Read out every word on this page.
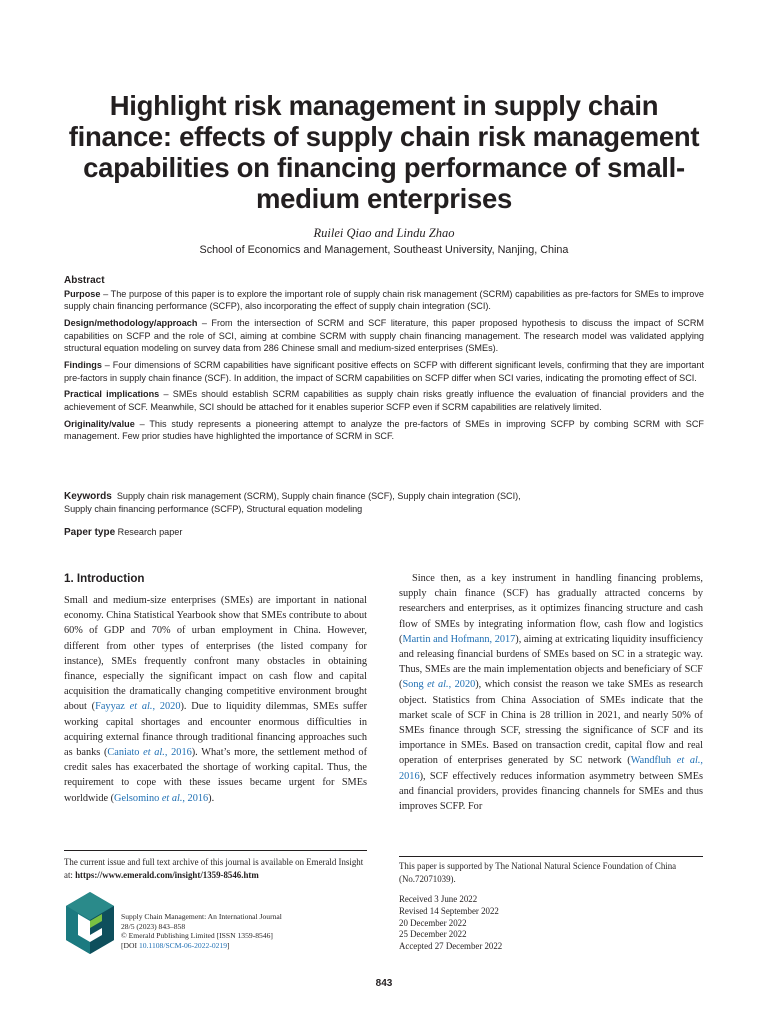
Highlight risk management in supply chain finance: effects of supply chain risk management capabilities on financing performance of small-medium enterprises
Ruilei Qiao and Lindu Zhao
School of Economics and Management, Southeast University, Nanjing, China
Abstract

Purpose – The purpose of this paper is to explore the important role of supply chain risk management (SCRM) capabilities as pre-factors for SMEs to improve supply chain financing performance (SCFP), also incorporating the effect of supply chain integration (SCI).

Design/methodology/approach – From the intersection of SCRM and SCF literature, this paper proposed hypothesis to discuss the impact of SCRM capabilities on SCFP and the role of SCI, aiming at combine SCRM with supply chain financing management. The research model was validated applying structural equation modeling on survey data from 286 Chinese small and medium-sized enterprises (SMEs).

Findings – Four dimensions of SCRM capabilities have significant positive effects on SCFP with different significant levels, confirming that they are important pre-factors in supply chain finance (SCF). In addition, the impact of SCRM capabilities on SCFP differ when SCI varies, indicating the promoting effect of SCI.

Practical implications – SMEs should establish SCRM capabilities as supply chain risks greatly influence the evaluation of financial providers and the achievement of SCF. Meanwhile, SCI should be attached for it enables superior SCFP even if SCRM capabilities are relatively limited.

Originality/value – This study represents a pioneering attempt to analyze the pre-factors of SMEs in improving SCFP by combing SCRM with SCF management. Few prior studies have highlighted the importance of SCRM in SCF.

Keywords Supply chain risk management (SCRM), Supply chain finance (SCF), Supply chain integration (SCI),
Supply chain financing performance (SCFP), Structural equation modeling
Paper type Research paper
1. Introduction

Small and medium-size enterprises (SMEs) are important in national economy. China Statistical Yearbook show that SMEs contribute to about 60% of GDP and 70% of urban employment in China. However, different from other types of enterprises (the listed company for instance), SMEs frequently confront many obstacles in obtaining finance, especially the significant impact on cash flow and capital acquisition the dramatically changing competitive environment brought about (Fayyaz et al., 2020). Due to liquidity dilemmas, SMEs suffer working capital shortages and encounter enormous difficulties in acquiring external finance through traditional financing approaches such as banks (Caniato et al., 2016). What’s more, the settlement method of credit sales has exacerbated the shortage of working capital. Thus, the requirement to cope with these issues became urgent for SMEs worldwide (Gelsomino et al., 2016).

Since then, as a key instrument in handling financing problems, supply chain finance (SCF) has gradually attracted concerns by researchers and enterprises, as it optimizes financing structure and cash flow of SMEs by integrating information flow, cash flow and logistics (Martin and Hofmann, 2017), aiming at extricating liquidity insufficiency and releasing financial burdens of SMEs based on SC in a strategic way. Thus, SMEs are the main implementation objects and beneficiary of SCF (Song et al., 2020), which consist the reason we take SMEs as research object. Statistics from China Association of SMEs indicate that the market scale of SCF in China is 28 trillion in 2021, and nearly 50% of SMEs finance through SCF, stressing the significance of SCF and its importance in SMEs. Based on transaction credit, capital flow and real operation of enterprises generated by SC network (Wandfluh et al., 2016), SCF effectively reduces information asymmetry between SMEs and financial providers, provides financing channels for SMEs and thus improves SCFP. For

The current issue and full text archive of this journal is available on Emerald Insight at: https://www.emerald.com/insight/1359-8546.htm
Supply Chain Management: An International Journal
28/5 (2023) 843–858
© Emerald Publishing Limited [ISSN 1359-8546]
[DOI 10.1108/SCM-06-2022-0219]
This paper is supported by The National Natural Science Foundation of China (No.72071039).
Received 3 June 2022
Revised 14 September 2022
20 December 2022
25 December 2022
Accepted 27 December 2022
843
